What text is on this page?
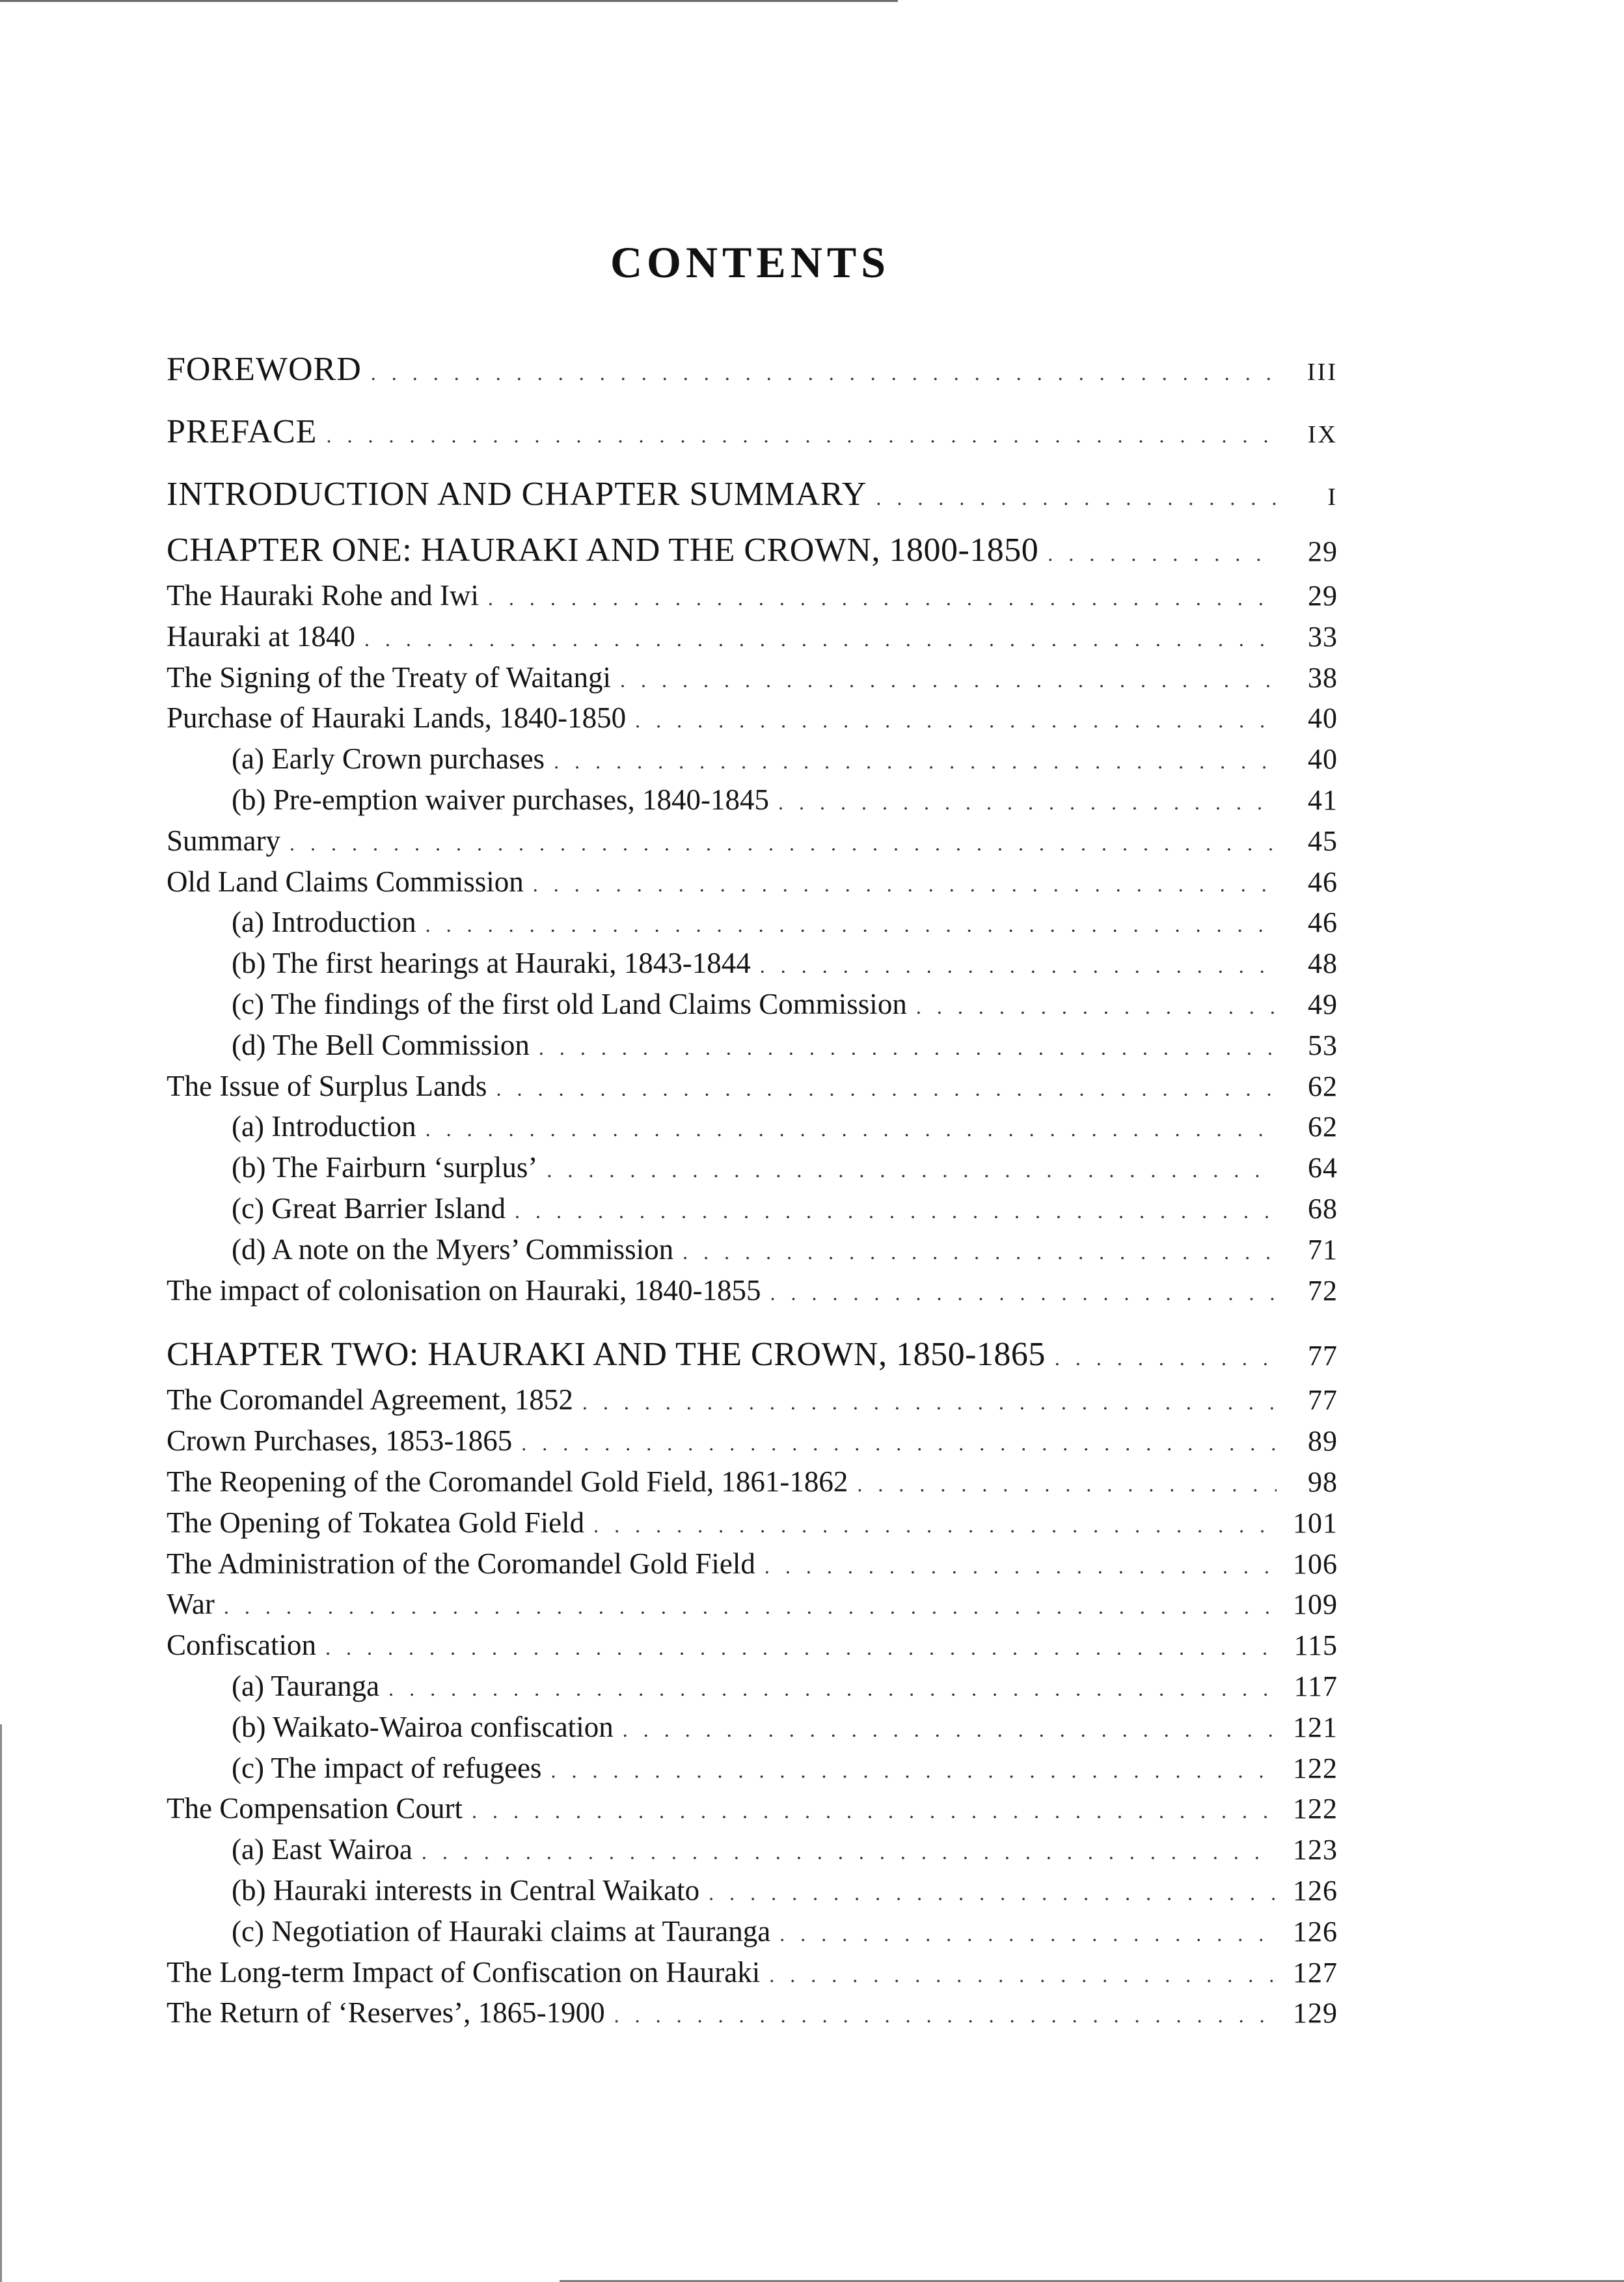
CONTENTS
FOREWORD . . .	III
PREFACE . . .	IX
INTRODUCTION AND CHAPTER SUMMARY . . .	I
CHAPTER ONE: HAURAKI AND THE CROWN, 1800-1850 . . .	29
The Hauraki Rohe and Iwi . . .	29
Hauraki at 1840 . . .	33
The Signing of the Treaty of Waitangi . . .	38
Purchase of Hauraki Lands, 1840-1850 . . .	40
(a) Early Crown purchases . . .	40
(b) Pre-emption waiver purchases, 1840-1845 . . .	41
Summary . . .	45
Old Land Claims Commission . . .	46
(a) Introduction . . .	46
(b) The first hearings at Hauraki, 1843-1844 . . .	48
(c) The findings of the first old Land Claims Commission . . .	49
(d) The Bell Commission . . .	53
The Issue of Surplus Lands . . .	62
(a) Introduction . . .	62
(b) The Fairburn ‘surplus’ . . .	64
(c) Great Barrier Island . . .	68
(d) A note on the Myers’ Commission . . .	71
The impact of colonisation on Hauraki, 1840-1855 . . .	72
CHAPTER TWO: HAURAKI AND THE CROWN, 1850-1865 . . .	77
The Coromandel Agreement, 1852 . . .	77
Crown Purchases, 1853-1865 . . .	89
The Reopening of the Coromandel Gold Field, 1861-1862 . . .	98
The Opening of Tokatea Gold Field . . .	101
The Administration of the Coromandel Gold Field . . .	106
War . . .	109
Confiscation . . .	115
(a) Tauranga . . .	117
(b) Waikato-Wairoa confiscation . . .	121
(c) The impact of refugees . . .	122
The Compensation Court . . .	122
(a) East Wairoa . . .	123
(b) Hauraki interests in Central Waikato . . .	126
(c) Negotiation of Hauraki claims at Tauranga . . .	126
The Long-term Impact of Confiscation on Hauraki . . .	127
The Return of ‘Reserves’, 1865-1900 . . .	129
